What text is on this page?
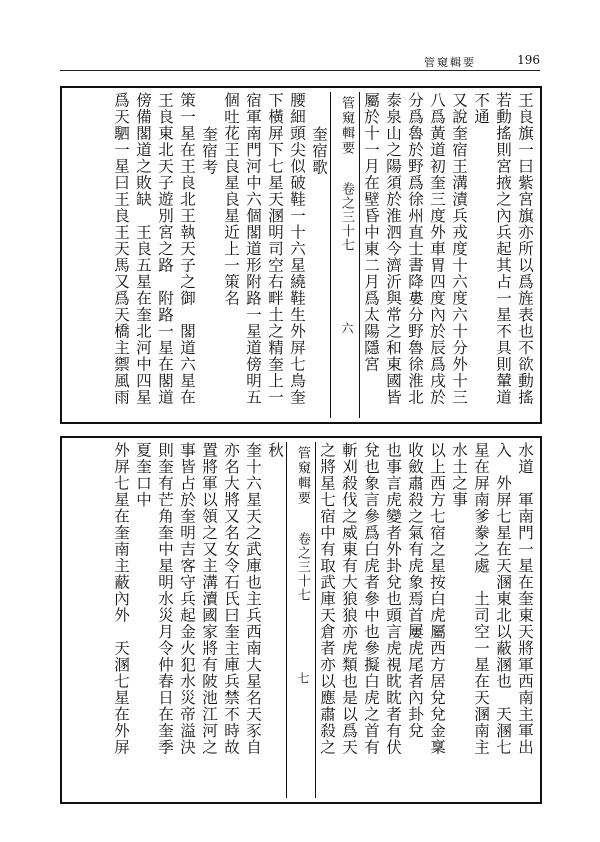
管窺輯要	196
王良旗一曰紫宮旗亦所以爲旌表也不欲動搖
若動搖則宮掖之內兵起其占一星不具則輦道
不通
又說奎宿王溝漬兵戎度十六度六十分外十三
八爲黃道初奎三度外車胃四度內於辰爲戌於
分爲魯於野爲徐州直士書降婁分野魯徐淮北
泰泉山之陽須於淮泗今濟沂與常之和東國皆
屬於十一月在壁昏中東二月爲太陽隱宮
管窺輯要
卷之三十七
六
奎宿歌
腰細頭尖似破鞋一十六星繞鞋生外屏七鳥奎
下橫屏下七星天溷明司空右畔土之精奎上一
宿軍南門河中六個閣道形附路一星道傍明五
個吐花王良星良星近上一策名
奎宿考
策一星在王良北王執天子之御　閣道六星在
王良東北天子遊別宮之路　附路一星在閣道
傍備閣道之敗缺　王良五星在奎北河中四星
爲天駟一星曰王良王天馬又爲天橋主禦風雨
水道　軍南門一星在奎東天將軍西南主軍出
入　外屏七星在天溷東北以蔽溷也　天溷七
星在屏南爹豢之處　土司空一星在天溷南主
水土之事
以上西方七宿之星按白虎屬西方居兌兌金稟
收斂肅殺之氣有虎象焉首屢虎尾者內卦兌
也事言虎變者外卦兌也頭言虎視眈眈者有伏
兌也象言參爲白虎者參中也參擬白虎之首有
斬刈殺伐之威東有大狼狼亦虎類也是以爲天
之將星七宿中有取武庫天倉者亦以應肅殺之
管窺輯要
卷之三十七
七
秋
奎十六星天之武庫也主兵西南大星名天豕自
亦名大將又名女令石氏曰奎主庫兵禁不時故
置將軍以領之又主溝瀆國家將有陂池江河之
事皆占於奎明吉客守兵起金火犯水災帝溢決
則奎有芒角奎中星明水災月令仲春日在奎季
夏奎口中
外屏七星在奎南主蔽內外　天溷七星在外屏
